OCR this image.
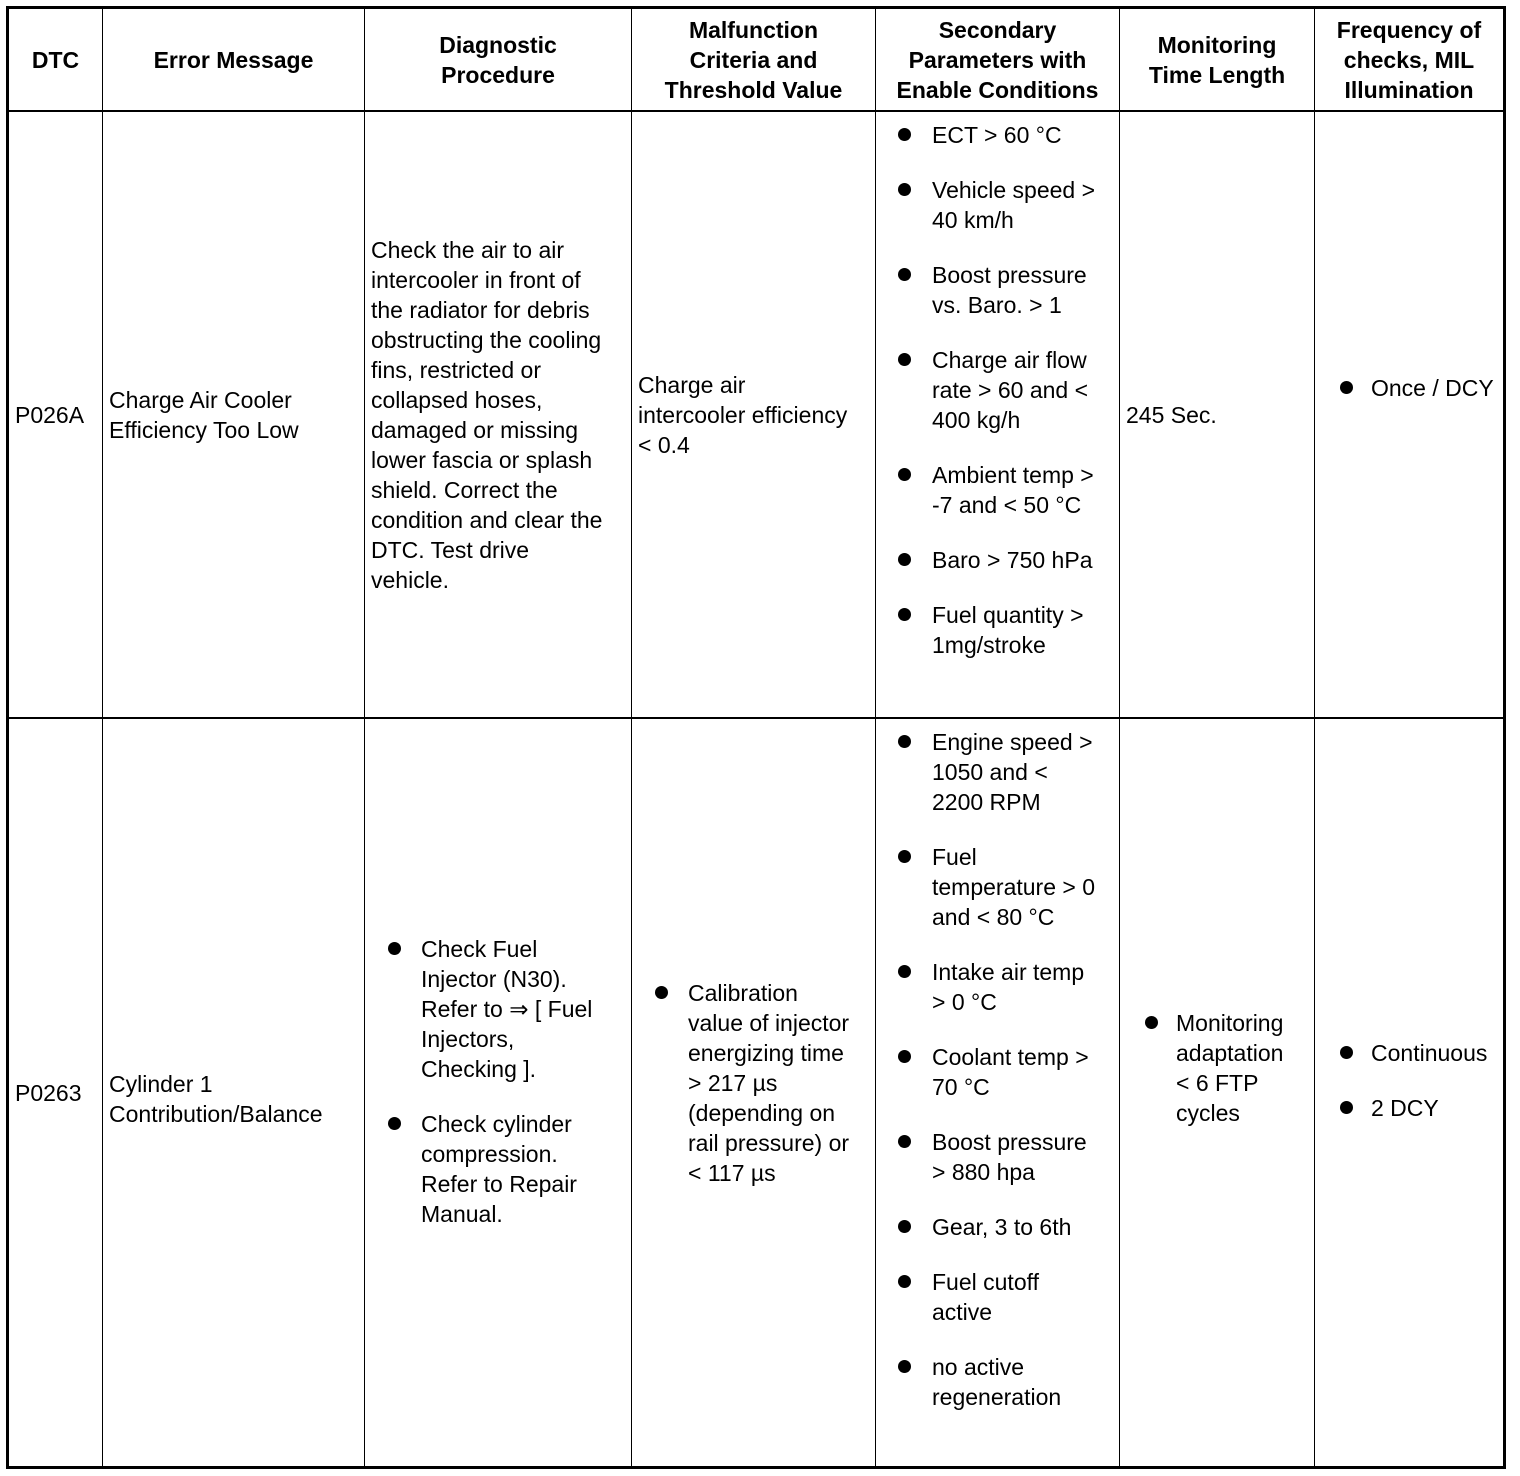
DTC	Error Message
Diagnostic
Procedure
Malfunction
Criteria and
Threshold Value
Secondary
Parameters with
Enable Conditions
Monitoring
Time Length
Frequency of
checks, MIL
Illumination
P026A
Charge Air Cooler
Efficiency Too Low
Check the air to air
intercooler in front of
the radiator for debris
obstructing the cooling
fins, restricted or
collapsed hoses,
damaged or missing
lower fascia or splash
shield. Correct the
condition and clear the
DTC. Test drive
vehicle.
Charge air
intercooler efficiency
< 0.4
ECT > 60 °C
Vehicle speed >
40 km/h
Boost pressure
vs. Baro. > 1
Charge air flow
rate > 60 and <
400 kg/h
Ambient temp >
-7 and < 50 °C
Baro > 750 hPa
Fuel quantity >
1mg/stroke
245 Sec.
Once / DCY
P0263	Cylinder 1
Contribution/Balance
Check Fuel
Injector (N30).
Refer to ⇒ [ Fuel
Injectors,
Checking ].
Check cylinder
compression.
Refer to Repair
Manual.
Calibration
value of injector
energizing time
> 217 µs
(depending on
rail pressure) or
< 117 µs
Engine speed >
1050 and <
2200 RPM
Fuel
temperature > 0
and < 80 °C
Intake air temp
> 0 °C
Coolant temp >
70 °C
Boost pressure
> 880 hpa
Gear, 3 to 6th
Fuel cutoff
active
no active
regeneration
Monitoring
adaptation
< 6 FTP
cycles
Continuous
2 DCY
